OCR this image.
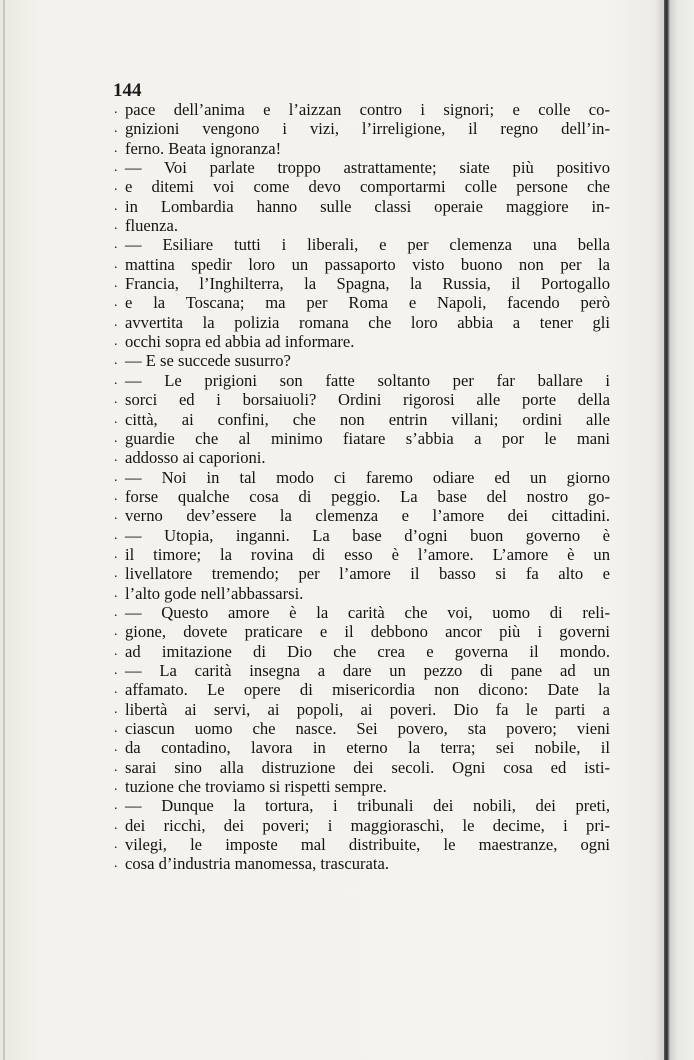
144
. pace dell’anima e l’aizzan contro i signori; e colle co-
. gnizioni vengono i vizi, l’irreligione, il regno dell’in-
. ferno. Beata ignoranza!
. — Voi parlate troppo astrattamente; siate più positivo
. e ditemi voi come devo comportarmi colle persone che
. in Lombardia hanno sulle classi operaie maggiore in-
. fluenza.
. — Esiliare tutti i liberali, e per clemenza una bella
. mattina spedir loro un passaporto visto buono non per la
. Francia, l’Inghilterra, la Spagna, la Russia, il Portogallo
. e la Toscana; ma per Roma e Napoli, facendo però
. avvertita la polizia romana che loro abbia a tener gli
. occhi sopra ed abbia ad informare.
. — E se succede susurro?
. — Le prigioni son fatte soltanto per far ballare i
. sorci ed i borsaiuoli? Ordini rigorosi alle porte della
. città, ai confini, che non entrin villani; ordini alle
. guardie che al minimo fiatare s’abbia a por le mani
. addosso ai caporioni.
. — Noi in tal modo ci faremo odiare ed un giorno
. forse qualche cosa di peggio. La base del nostro go-
. verno dev’essere la clemenza e l’amore dei cittadini.
. — Utopia, inganni. La base d’ogni buon governo è
. il timore; la rovina di esso è l’amore. L’amore è un
. livellatore tremendo; per l’amore il basso si fa alto e
. l’alto gode nell’abbassarsi.
. — Questo amore è la carità che voi, uomo di reli-
. gione, dovete praticare e il debbono ancor più i governi
. ad imitazione di Dio che crea e governa il mondo.
. — La carità insegna a dare un pezzo di pane ad un
. affamato. Le opere di misericordia non dicono: Date la
. libertà ai servi, ai popoli, ai poveri. Dio fa le parti a
. ciascun uomo che nasce. Sei povero, sta povero; vieni
. da contadino, lavora in eterno la terra; sei nobile, il
. sarai sino alla distruzione dei secoli. Ogni cosa ed isti-
. tuzione che troviamo si rispetti sempre.
. — Dunque la tortura, i tribunali dei nobili, dei preti,
. dei ricchi, dei poveri; i maggioraschi, le decime, i pri-
. vilegi, le imposte mal distribuite, le maestranze, ogni
. cosa d’industria manomessa, trascurata.
